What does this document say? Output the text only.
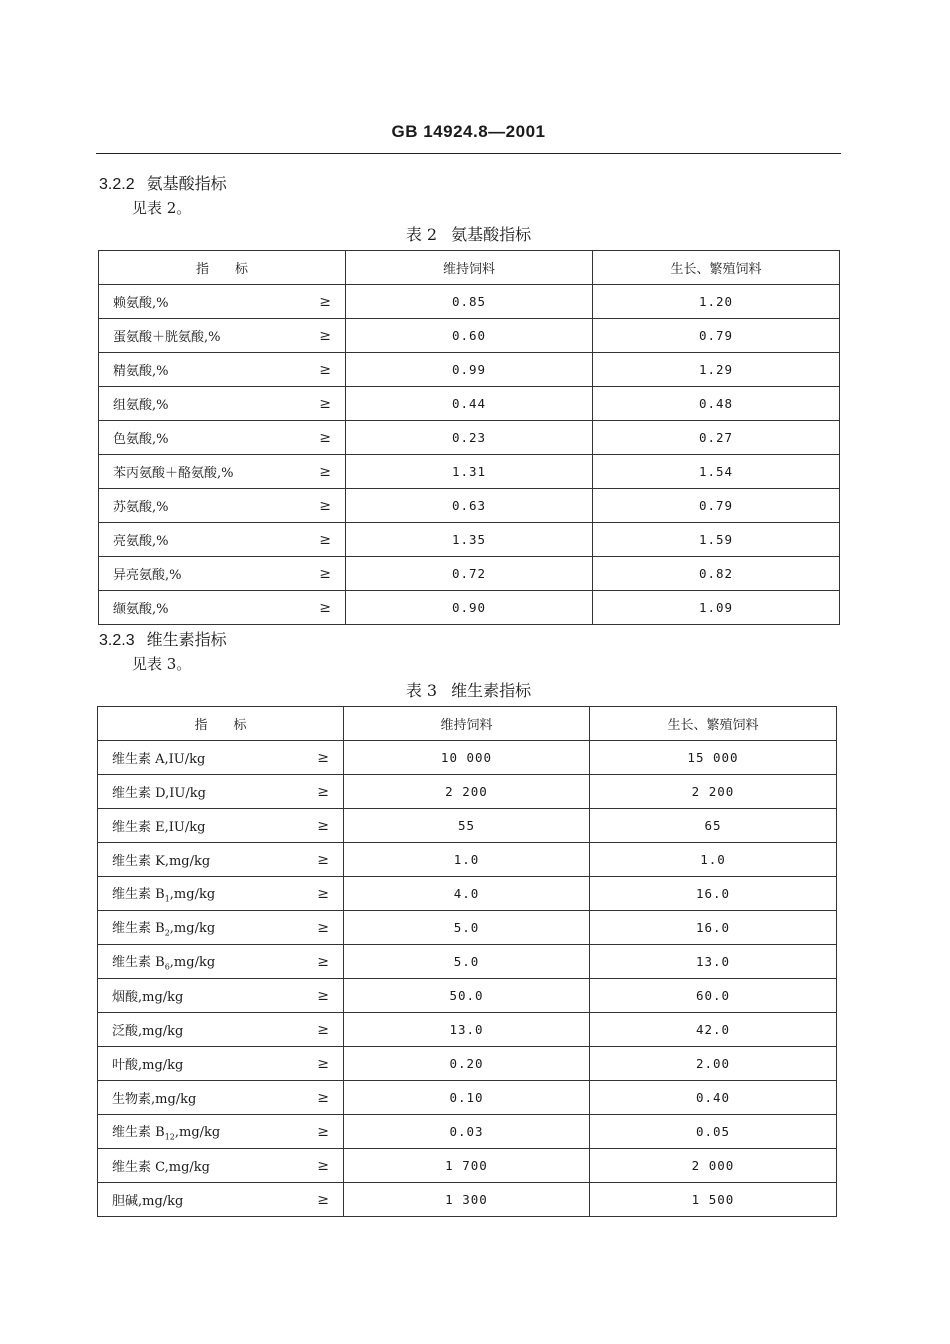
GB 14924.8—2001
3.2.2 氨基酸指标
见表 2。
表 2 氨基酸指标
指　　标	维持饲料	生长、繁殖饲料

赖氨酸,% ≥	0.85	1.20

蛋氨酸＋胱氨酸,% ≥	0.60	0.79

精氨酸,% ≥	0.99	1.29

组氨酸,% ≥	0.44	0.48

色氨酸,% ≥	0.23	0.27

苯丙氨酸＋酪氨酸,% ≥	1.31	1.54

苏氨酸,% ≥	0.63	0.79

亮氨酸,% ≥	1.35	1.59

异亮氨酸,% ≥	0.72	0.82

缬氨酸,% ≥	0.90	1.09
3.2.3 维生素指标
见表 3。
表 3 维生素指标
指　　标	维持饲料	生长、繁殖饲料

维生素 A,IU/kg ≥	10 000	15 000

维生素 D,IU/kg ≥	2 200	2 200

维生素 E,IU/kg ≥	55	65

维生素 K,mg/kg ≥	1.0	1.0

维生素 $B_1,mg/kg$ ≥	4.0	16.0

维生素 $B_2,mg/kg$ ≥	5.0	16.0

维生素 $B_6,mg/kg$ ≥	5.0	13.0

烟酸,mg/kg ≥	50.0	60.0

泛酸,mg/kg ≥	13.0	42.0

叶酸,mg/kg ≥	0.20	2.00

生物素,mg/kg ≥	0.10	0.40

维生素 $B_{12},mg/kg$ ≥	0.03	0.05

维生素 C,mg/kg ≥	1 700	2 000

胆碱,mg/kg ≥	1 300	1 500
